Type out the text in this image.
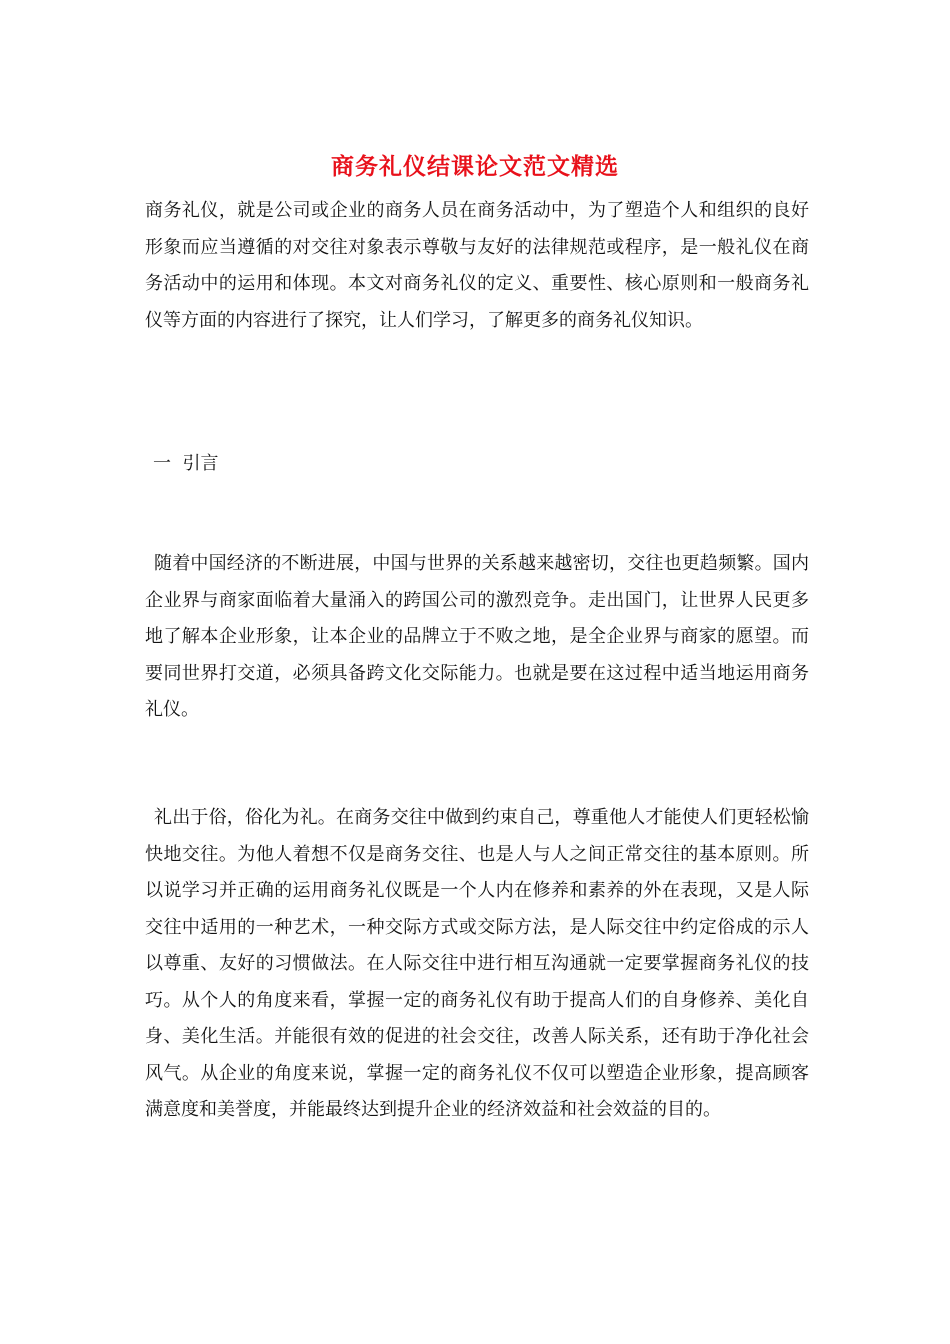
商务礼仪结课论文范文精选

商务礼仪，就是公司或企业的商务人员在商务活动中，为了塑造个人和组织的良好形象而应当遵循的对交往对象表示尊敬与友好的法律规范或程序，是一般礼仪在商务活动中的运用和体现。本文对商务礼仪的定义、重要性、核心原则和一般商务礼仪等方面的内容进行了探究，让人们学习，了解更多的商务礼仪知识。

一  引言

随着中国经济的不断进展，中国与世界的关系越来越密切，交往也更趋频繁。国内企业界与商家面临着大量涌入的跨国公司的激烈竞争。走出国门，让世界人民更多地了解本企业形象，让本企业的品牌立于不败之地，是全企业界与商家的愿望。而要同世界打交道，必须具备跨文化交际能力。也就是要在这过程中适当地运用商务礼仪。

礼出于俗，俗化为礼。在商务交往中做到约束自己，尊重他人才能使人们更轻松愉快地交往。为他人着想不仅是商务交往、也是人与人之间正常交往的基本原则。所以说学习并正确的运用商务礼仪既是一个人内在修养和素养的外在表现，又是人际交往中适用的一种艺术，一种交际方式或交际方法，是人际交往中约定俗成的示人以尊重、友好的习惯做法。在人际交往中进行相互沟通就一定要掌握商务礼仪的技巧。从个人的角度来看，掌握一定的商务礼仪有助于提高人们的自身修养、美化自身、美化生活。并能很有效的促进的社会交往，改善人际关系，还有助于净化社会风气。从企业的角度来说，掌握一定的商务礼仪不仅可以塑造企业形象，提高顾客满意度和美誉度，并能最终达到提升企业的经济效益和社会效益的目的。
